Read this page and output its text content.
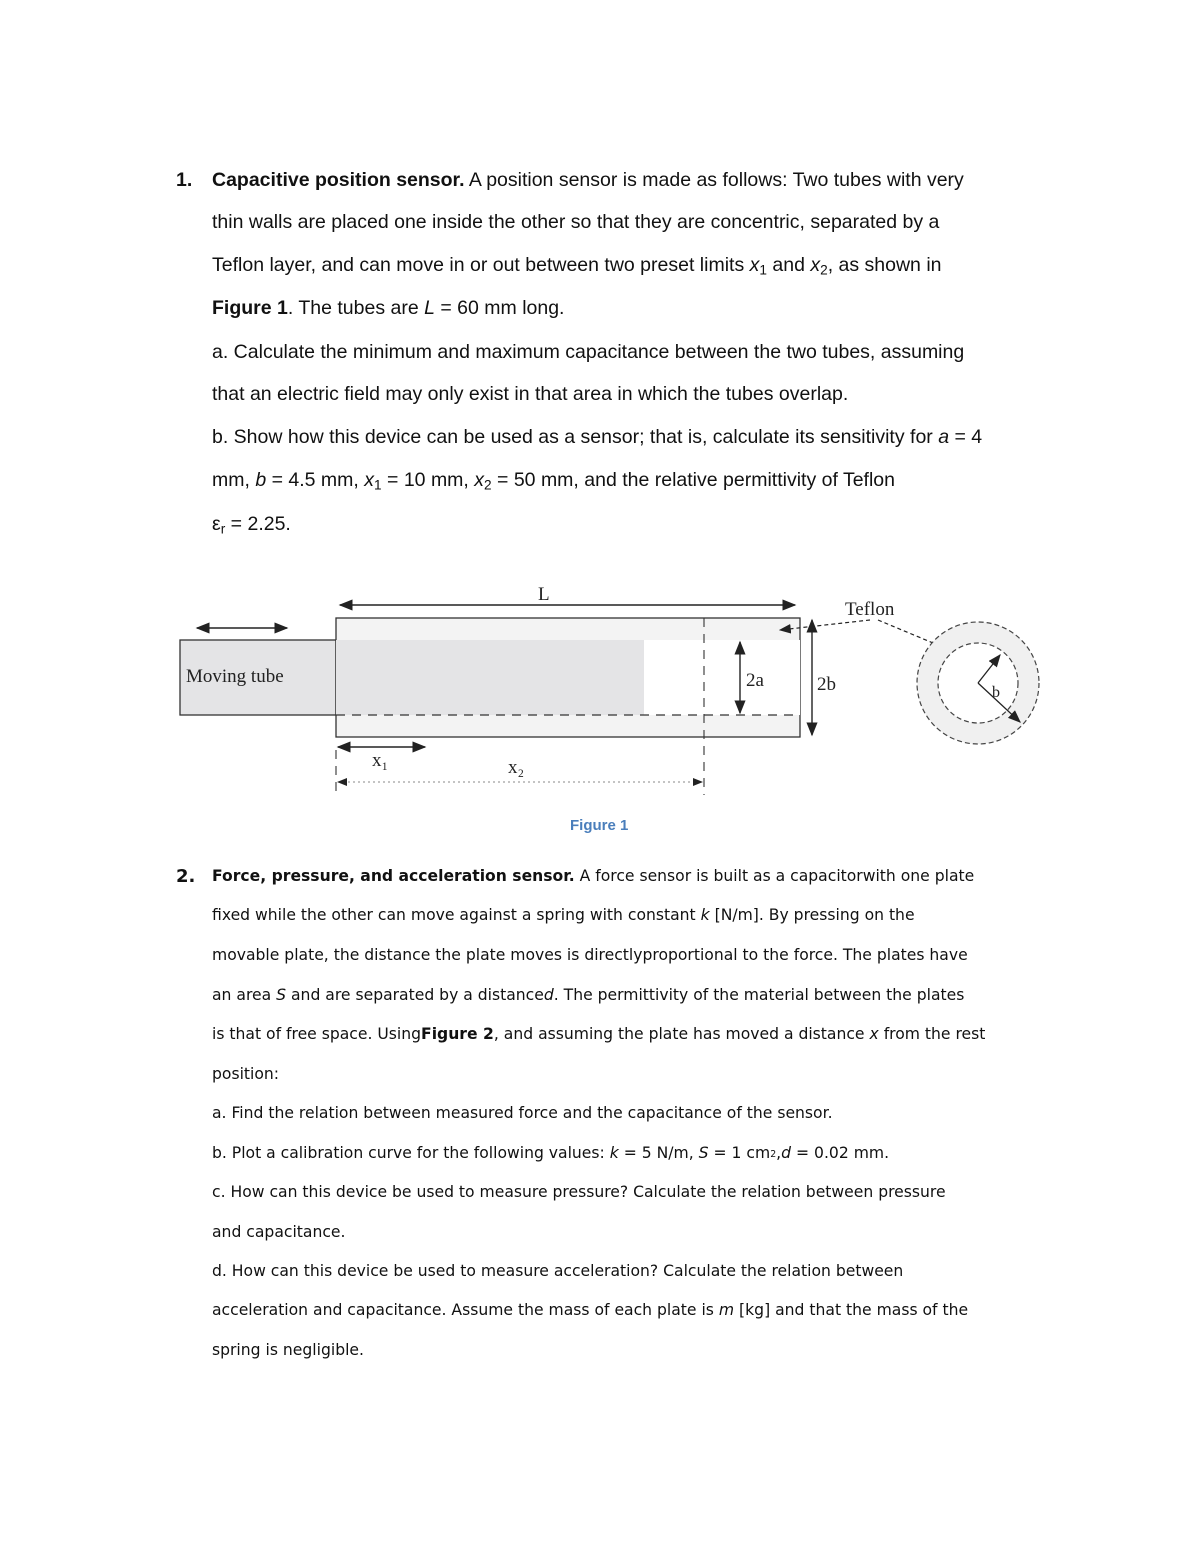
1. Capacitive position sensor. A position sensor is made as follows: Two tubes with very
thin walls are placed one inside the other so that they are concentric, separated by a
Teflon layer, and can move in or out between two preset limits $x_1$ and $x_2$, as shown in
Figure 1. The tubes are L = 60 mm long.
a. Calculate the minimum and maximum capacitance between the two tubes, assuming
that an electric field may only exist in that area in which the tubes overlap.
b. Show how this device can be used as a sensor; that is, calculate its sensitivity for a = 4
mm, b = 4.5 mm, $x_1 = 10$ mm, $x_2 = 50$ mm, and the relative permittivity of Teflon
$\varepsilon_r = 2.25$.
L
Moving tube
Teflon
2a	2b	b
x₁	x₂
Figure 1
2. Force, pressure, and acceleration sensor. A force sensor is built as a capacitorwith one plate
fixed while the other can move against a spring with constant k [N/m]. By pressing on the
movable plate, the distance the plate moves is directlyproportional to the force. The plates have
an area S and are separated by a distanced. The permittivity of the material between the plates
is that of free space. UsingFigure 2, and assuming the plate has moved a distance x from the rest
position:
a. Find the relation between measured force and the capacitance of the sensor.
b. Plot a calibration curve for the following values: k = 5 N/m, S = 1 cm2,d = 0.02 mm.
c. How can this device be used to measure pressure? Calculate the relation between pressure
and capacitance.
d. How can this device be used to measure acceleration? Calculate the relation between
acceleration and capacitance. Assume the mass of each plate is m [kg] and that the mass of the
spring is negligible.
